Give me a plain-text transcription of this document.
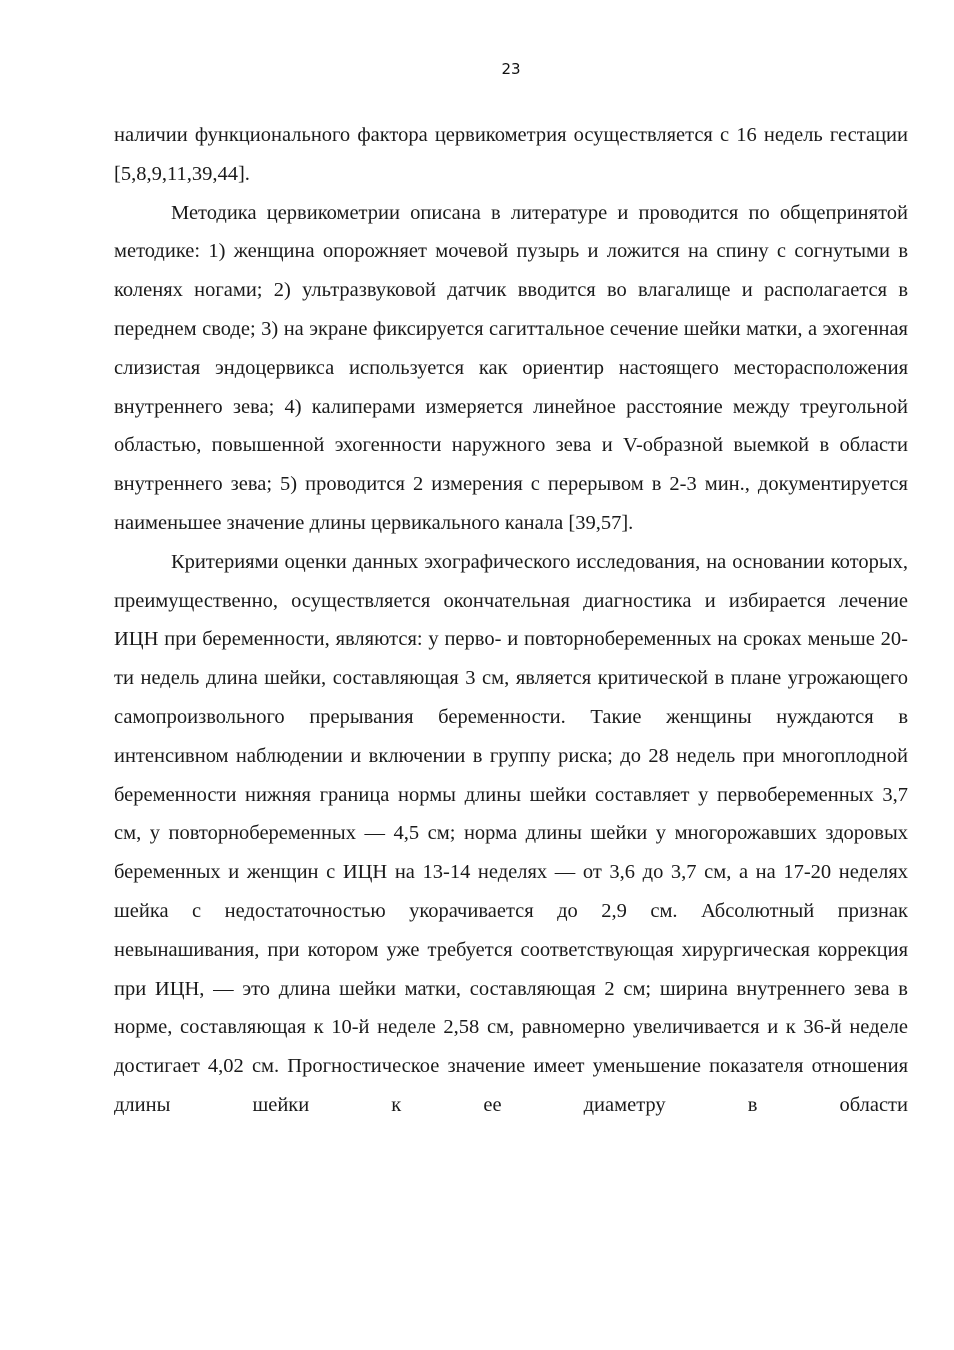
23

наличии функционального фактора цервикометрия осуществляется с 16 недель гестации [5,8,9,11,39,44].

Методика цервикометрии описана в литературе и проводится по общепринятой методике: 1) женщина опорожняет мочевой пузырь и ложится на спину с согнутыми в коленях ногами; 2) ультразвуковой датчик вводится во влагалище и располагается в переднем своде; 3) на экране фиксируется сагиттальное сечение шейки матки, а эхогенная слизистая эндоцервикса используется как ориентир настоящего месторасположения внутреннего зева; 4) калиперами измеряется линейное расстояние между треугольной областью, повышенной эхогенности наружного зева и V-образной выемкой в области внутреннего зева; 5) проводится 2 измерения с перерывом в 2-3 мин., документируется наименьшее значение длины цервикального канала [39,57].

Критериями оценки данных эхографического исследования, на основании которых, преимущественно, осуществляется окончательная диагностика и избирается лечение ИЦН при беременности, являются: у перво- и повторнобеременных на сроках меньше 20-ти недель длина шейки, составляющая 3 см, является критической в плане угрожающего самопроизвольного прерывания беременности. Такие женщины нуждаются в интенсивном наблюдении и включении в группу риска; до 28 недель при многоплодной беременности нижняя граница нормы длины шейки составляет у первобеременных 3,7 см, у повторнобеременных — 4,5 см; норма длины шейки у многорожавших здоровых беременных и женщин с ИЦН на 13-14 неделях — от 3,6 до 3,7 см, а на 17-20 неделях шейка с недостаточностью укорачивается до 2,9 см. Абсолютный признак невынашивания, при котором уже требуется соответствующая хирургическая коррекция при ИЦН, — это длина шейки матки, составляющая 2 см; ширина внутреннего зева в норме, составляющая к 10-й неделе 2,58 см, равномерно увеличивается и к 36-й неделе достигает 4,02 см. Прогностическое значение имеет уменьшение показателя отношения длины шейки к ее диаметру в области
